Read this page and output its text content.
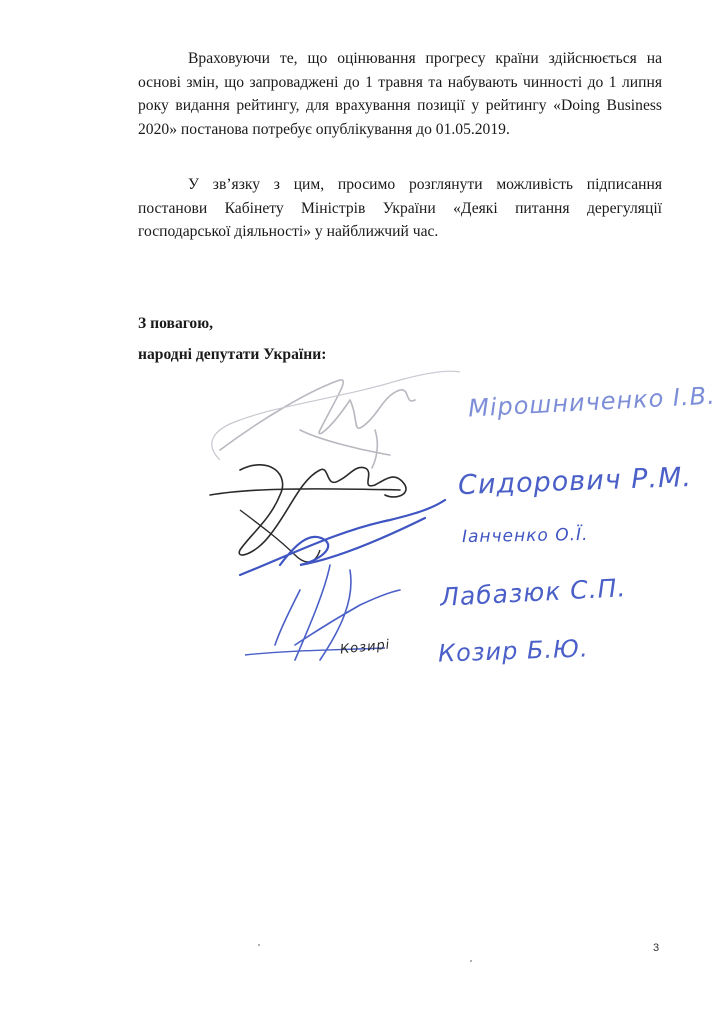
Враховуючи те, що оцінювання прогресу країни здійснюється на основі змін, що запроваджені до 1 травня та набувають чинності до 1 липня року видання рейтингу, для врахування позиції у рейтингу «Doing Business 2020» постанова потребує опублікування до 01.05.2019.
У зв’язку з цим, просимо розглянути можливість підписання постанови Кабінету Міністрів України «Деякі питання дерегуляції господарської діяльності» у найближчий час.
З повагою,
народні депутати України:
Мірошниченко І.В.
Сидорович Р.М.
Іанченко О.Ї.
Лабазюк С.П.
Козир Б.Ю.
Козирі
3
